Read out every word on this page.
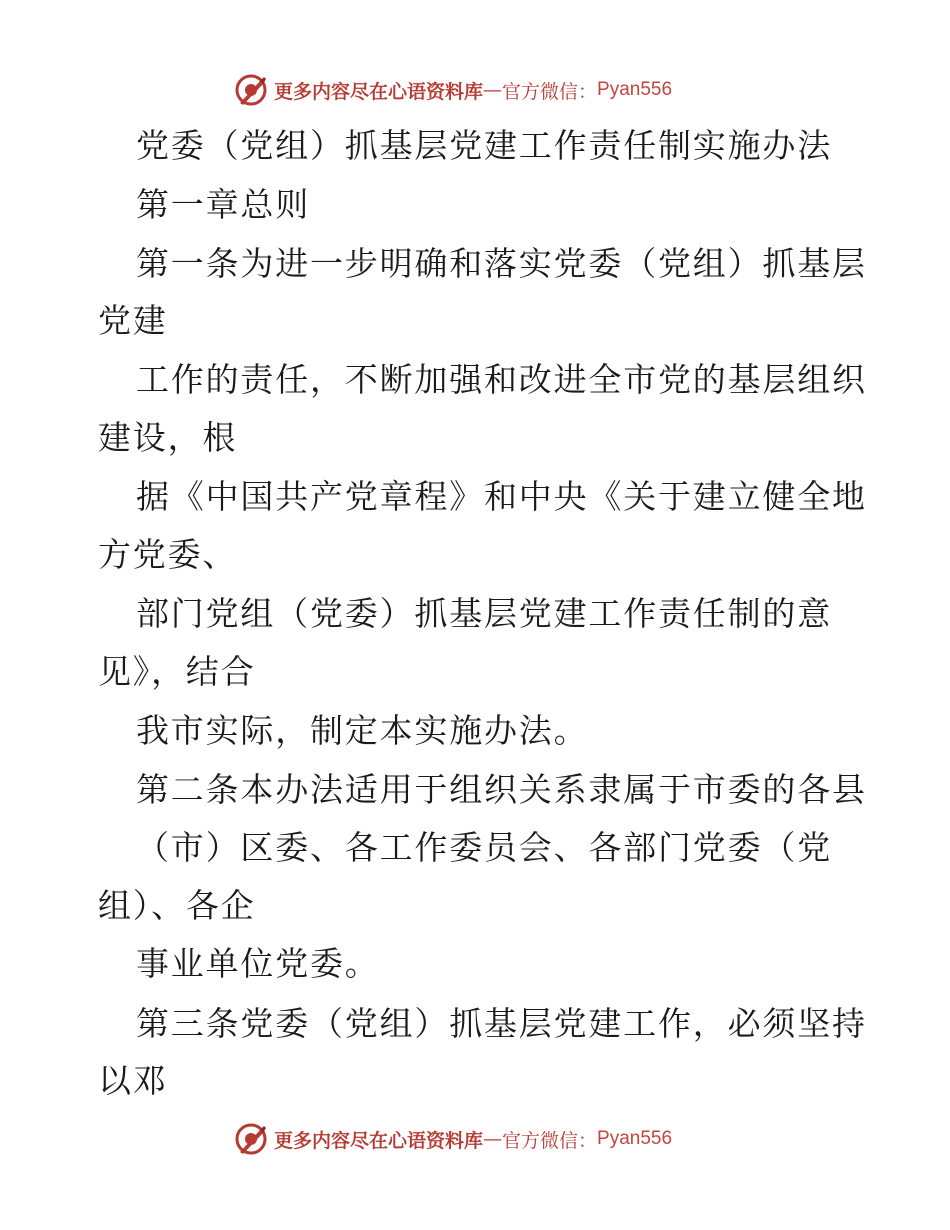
更多内容尽在心语资料库 — 官方微信： Pyan556
党委（党组）抓基层党建工作责任制实施办法
第一章总则
第一条为进一步明确和落实党委（党组）抓基层
党建
工作的责任，不断加强和改进全市党的基层组织
建设，根
据《中国共产党章程》和中央《关于建立健全地
方党委、
部门党组（党委）抓基层党建工作责任制的意
见》，结合
我市实际，制定本实施办法。
第二条本办法适用于组织关系隶属于市委的各县
（市）区委、各工作委员会、各部门党委（党
组）、各企
事业单位党委。
第三条党委（党组）抓基层党建工作，必须坚持
以邓
更多内容尽在心语资料库 — 官方微信： Pyan556
